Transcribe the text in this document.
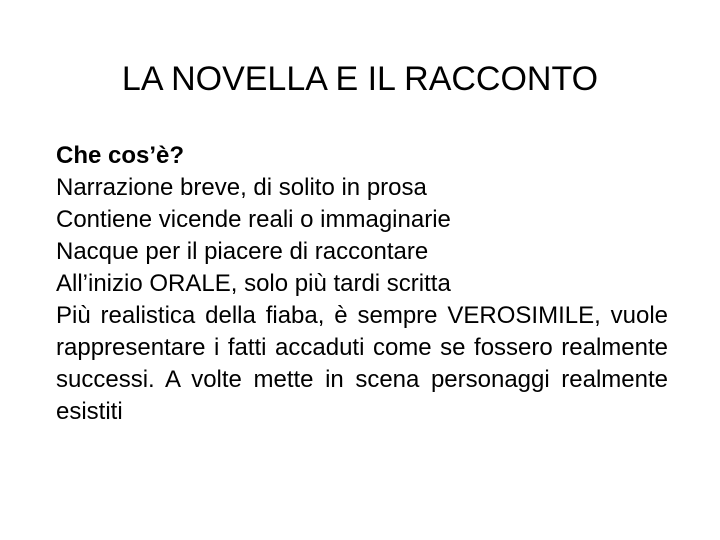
LA NOVELLA E IL RACCONTO

Che cos’è?

Narrazione breve, di solito in prosa

Contiene vicende reali o immaginarie

Nacque per il piacere di raccontare

All’inizio ORALE, solo più tardi scritta

Più realistica della fiaba, è sempre VEROSIMILE, vuole rappresentare i fatti accaduti come se fossero realmente successi. A volte mette in scena personaggi realmente esistiti
